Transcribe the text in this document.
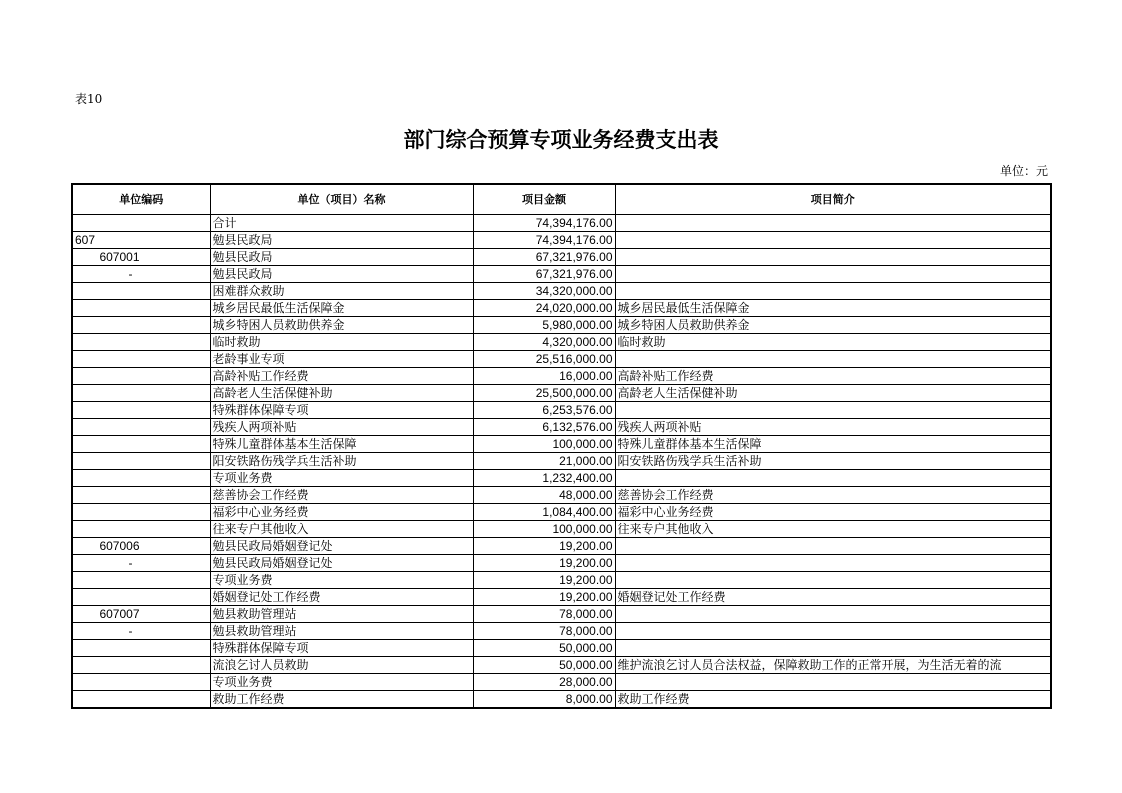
表10
部门综合预算专项业务经费支出表
单位：元
单位编码	单位（项目）名称	项目金额	项目简介
	合计	74,394,176.00	
607	勉县民政局	74,394,176.00	
607001	勉县民政局	67,321,976.00	
-	勉县民政局	67,321,976.00	
	困难群众救助	34,320,000.00	
	城乡居民最低生活保障金	24,020,000.00	城乡居民最低生活保障金
	城乡特困人员救助供养金	5,980,000.00	城乡特困人员救助供养金
	临时救助	4,320,000.00	临时救助
	老龄事业专项	25,516,000.00	
	高龄补贴工作经费	16,000.00	高龄补贴工作经费
	高龄老人生活保健补助	25,500,000.00	高龄老人生活保健补助
	特殊群体保障专项	6,253,576.00	
	残疾人两项补贴	6,132,576.00	残疾人两项补贴
	特殊儿童群体基本生活保障	100,000.00	特殊儿童群体基本生活保障
	阳安铁路伤残学兵生活补助	21,000.00	阳安铁路伤残学兵生活补助
	专项业务费	1,232,400.00	
	慈善协会工作经费	48,000.00	慈善协会工作经费
	福彩中心业务经费	1,084,400.00	福彩中心业务经费
	往来专户其他收入	100,000.00	往来专户其他收入
607006	勉县民政局婚姻登记处	19,200.00	
-	勉县民政局婚姻登记处	19,200.00	
	专项业务费	19,200.00	
	婚姻登记处工作经费	19,200.00	婚姻登记处工作经费
607007	勉县救助管理站	78,000.00	
-	勉县救助管理站	78,000.00	
	特殊群体保障专项	50,000.00	
	流浪乞讨人员救助	50,000.00	维护流浪乞讨人员合法权益，保障救助工作的正常开展，为生活无着的流
	专项业务费	28,000.00	
	救助工作经费	8,000.00	救助工作经费
